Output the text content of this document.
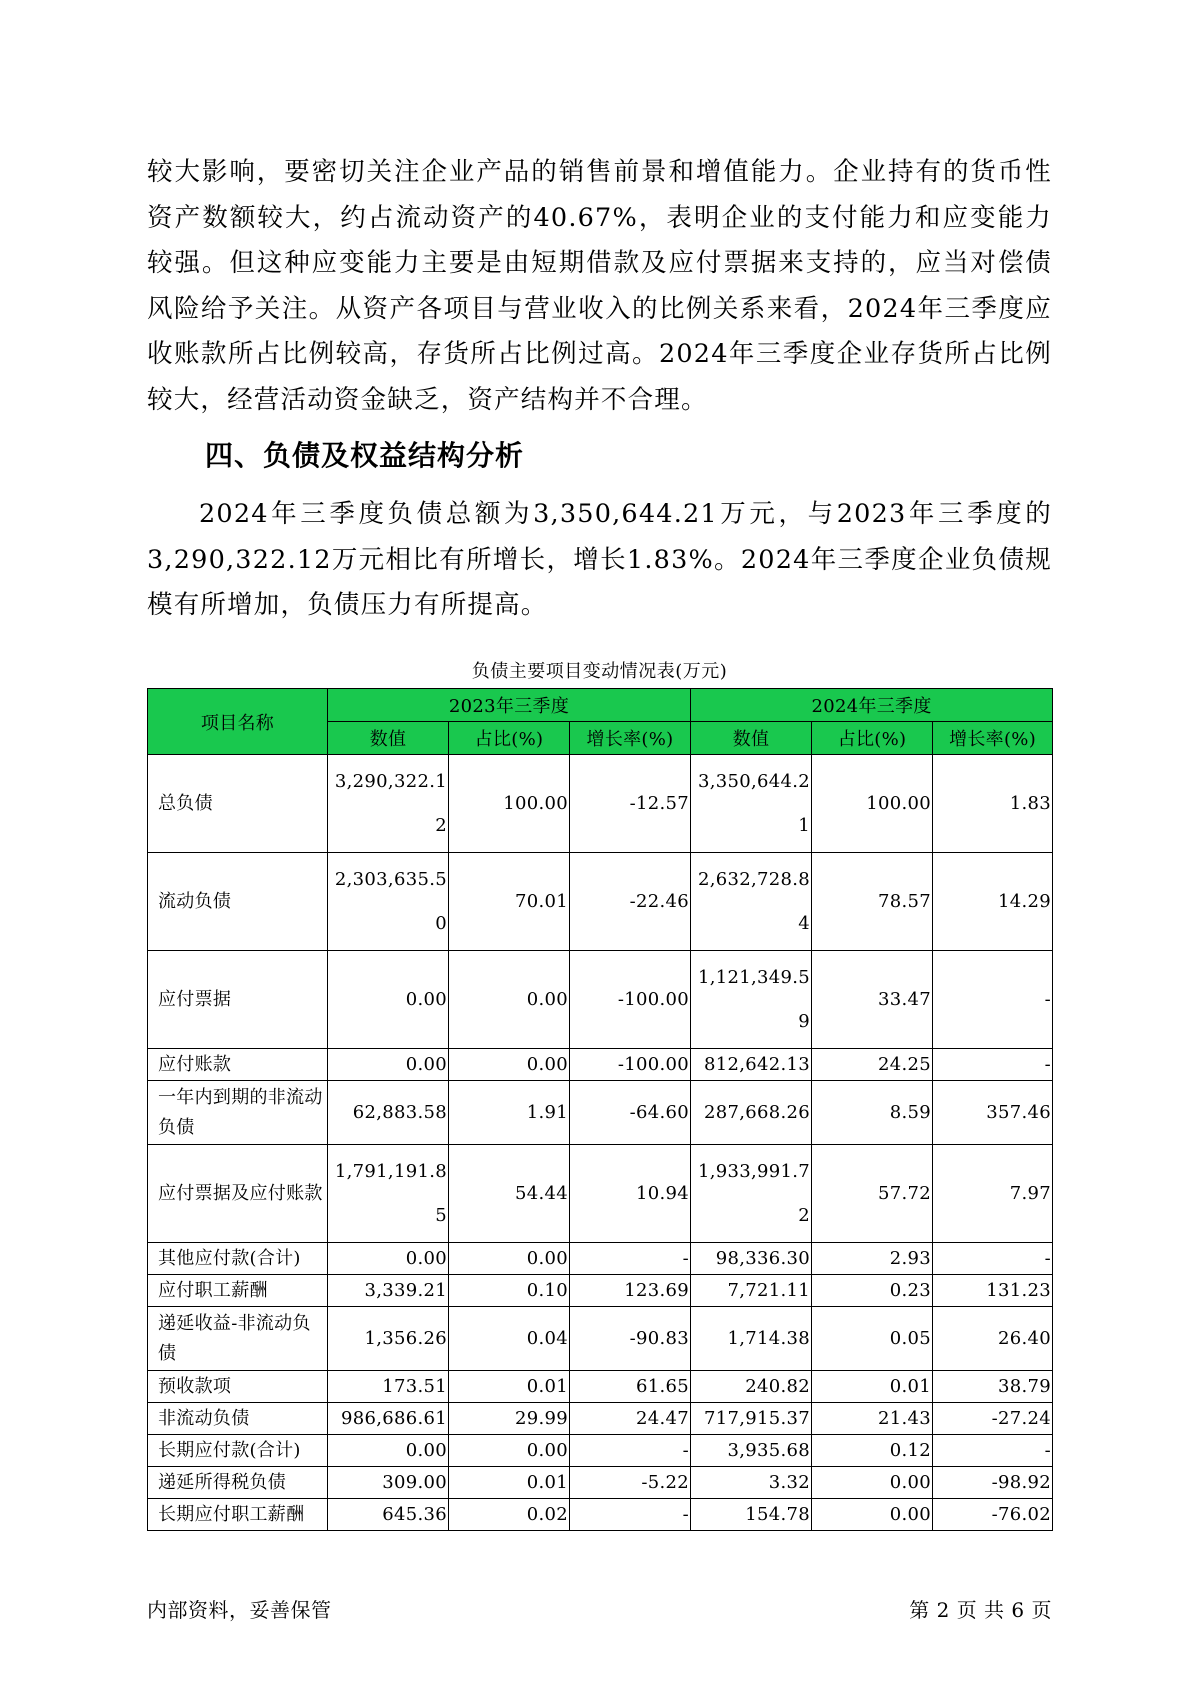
较大影响，要密切关注企业产品的销售前景和增值能力。企业持有的货币性资产数额较大，约占流动资产的40.67%，表明企业的支付能力和应变能力较强。但这种应变能力主要是由短期借款及应付票据来支持的，应当对偿债风险给予关注。从资产各项目与营业收入的比例关系来看，2024年三季度应收账款所占比例较高，存货所占比例过高。2024年三季度企业存货所占比例较大，经营活动资金缺乏，资产结构并不合理。

四、负债及权益结构分析

2024年三季度负债总额为3,350,644.21万元，与2023年三季度的3,290,322.12万元相比有所增长，增长1.83%。2024年三季度企业负债规模有所增加，负债压力有所提高。

负债主要项目变动情况表(万元)
项目名称	2023年三季度			2024年三季度		
	数值	占比(%)	增长率(%)	数值	占比(%)	增长率(%)
总负债	3,290,322.12	100.00	-12.57	3,350,644.21	100.00	1.83
流动负债	2,303,635.50	70.01	-22.46	2,632,728.84	78.57	14.29
应付票据	0.00	0.00	-100.00	1,121,349.59	33.47	-
应付账款	0.00	0.00	-100.00	812,642.13	24.25	-
一年内到期的非流动负债	62,883.58	1.91	-64.60	287,668.26	8.59	357.46
应付票据及应付账款	1,791,191.85	54.44	10.94	1,933,991.72	57.72	7.97
其他应付款(合计)	0.00	0.00	-	98,336.30	2.93	-
应付职工薪酬	3,339.21	0.10	123.69	7,721.11	0.23	131.23
递延收益-非流动负债	1,356.26	0.04	-90.83	1,714.38	0.05	26.40
预收款项	173.51	0.01	61.65	240.82	0.01	38.79
非流动负债	986,686.61	29.99	24.47	717,915.37	21.43	-27.24
长期应付款(合计)	0.00	0.00	-	3,935.68	0.12	-
递延所得税负债	309.00	0.01	-5.22	3.32	0.00	-98.92
长期应付职工薪酬	645.36	0.02	-	154.78	0.00	-76.02
内部资料，妥善保管	第 2 页 共 6 页
